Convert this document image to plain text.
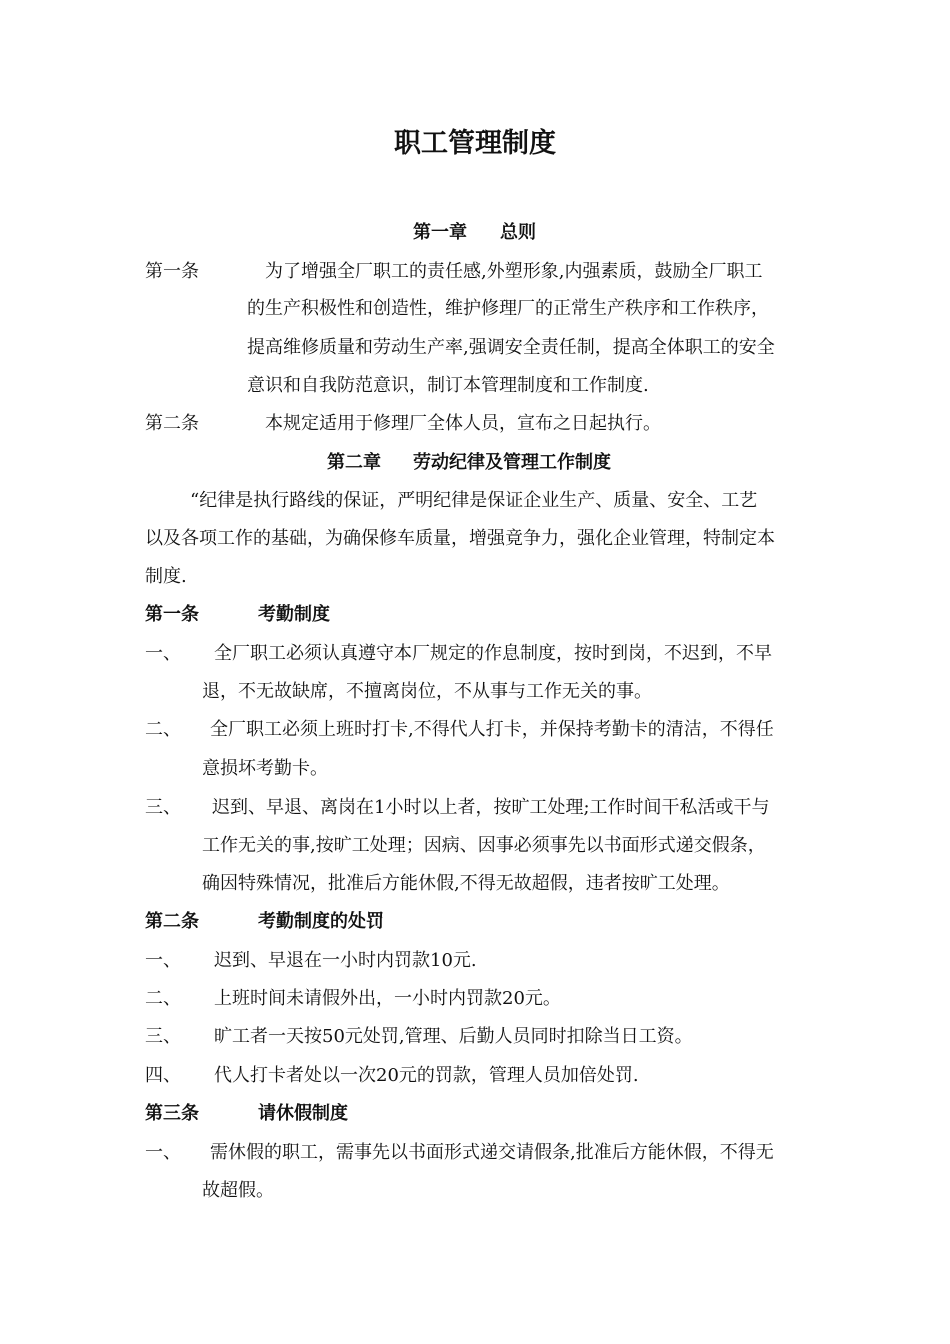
职工管理制度
第一章 总则
第一条	为了增强全厂职工的责任感,外塑形象,内强素质，鼓励全厂职工
的生产积极性和创造性，维护修理厂的正常生产秩序和工作秩序，
提高维修质量和劳动生产率,强调安全责任制，提高全体职工的安全
意识和自我防范意识，制订本管理制度和工作制度.
第二条	本规定适用于修理厂全体人员，宣布之日起执行。
第二章 劳动纪律及管理工作制度
“纪律是执行路线的保证，严明纪律是保证企业生产、质量、安全、工艺
以及各项工作的基础，为确保修车质量，增强竟争力，强化企业管理，特制定本
制度.
第一条	考勤制度
一、 全厂职工必须认真遵守本厂规定的作息制度，按时到岗，不迟到，不早
退，不无故缺席，不擅离岗位，不从事与工作无关的事。
二、 全厂职工必须上班时打卡,不得代人打卡，并保持考勤卡的清洁，不得任
意损坏考勤卡。
三、 迟到、早退、离岗在1小时以上者，按旷工处理;工作时间干私活或干与
工作无关的事,按旷工处理；因病、因事必须事先以书面形式递交假条，
确因特殊情况，批准后方能休假,不得无故超假，违者按旷工处理。
第二条	考勤制度的处罚
一、 迟到、早退在一小时内罚款10元.
二、 上班时间未请假外出，一小时内罚款20元。
三、 旷工者一天按50元处罚,管理、后勤人员同时扣除当日工资。
四、 代人打卡者处以一次20元的罚款，管理人员加倍处罚.
第三条	请休假制度
一、 需休假的职工，需事先以书面形式递交请假条,批准后方能休假，不得无
故超假。
